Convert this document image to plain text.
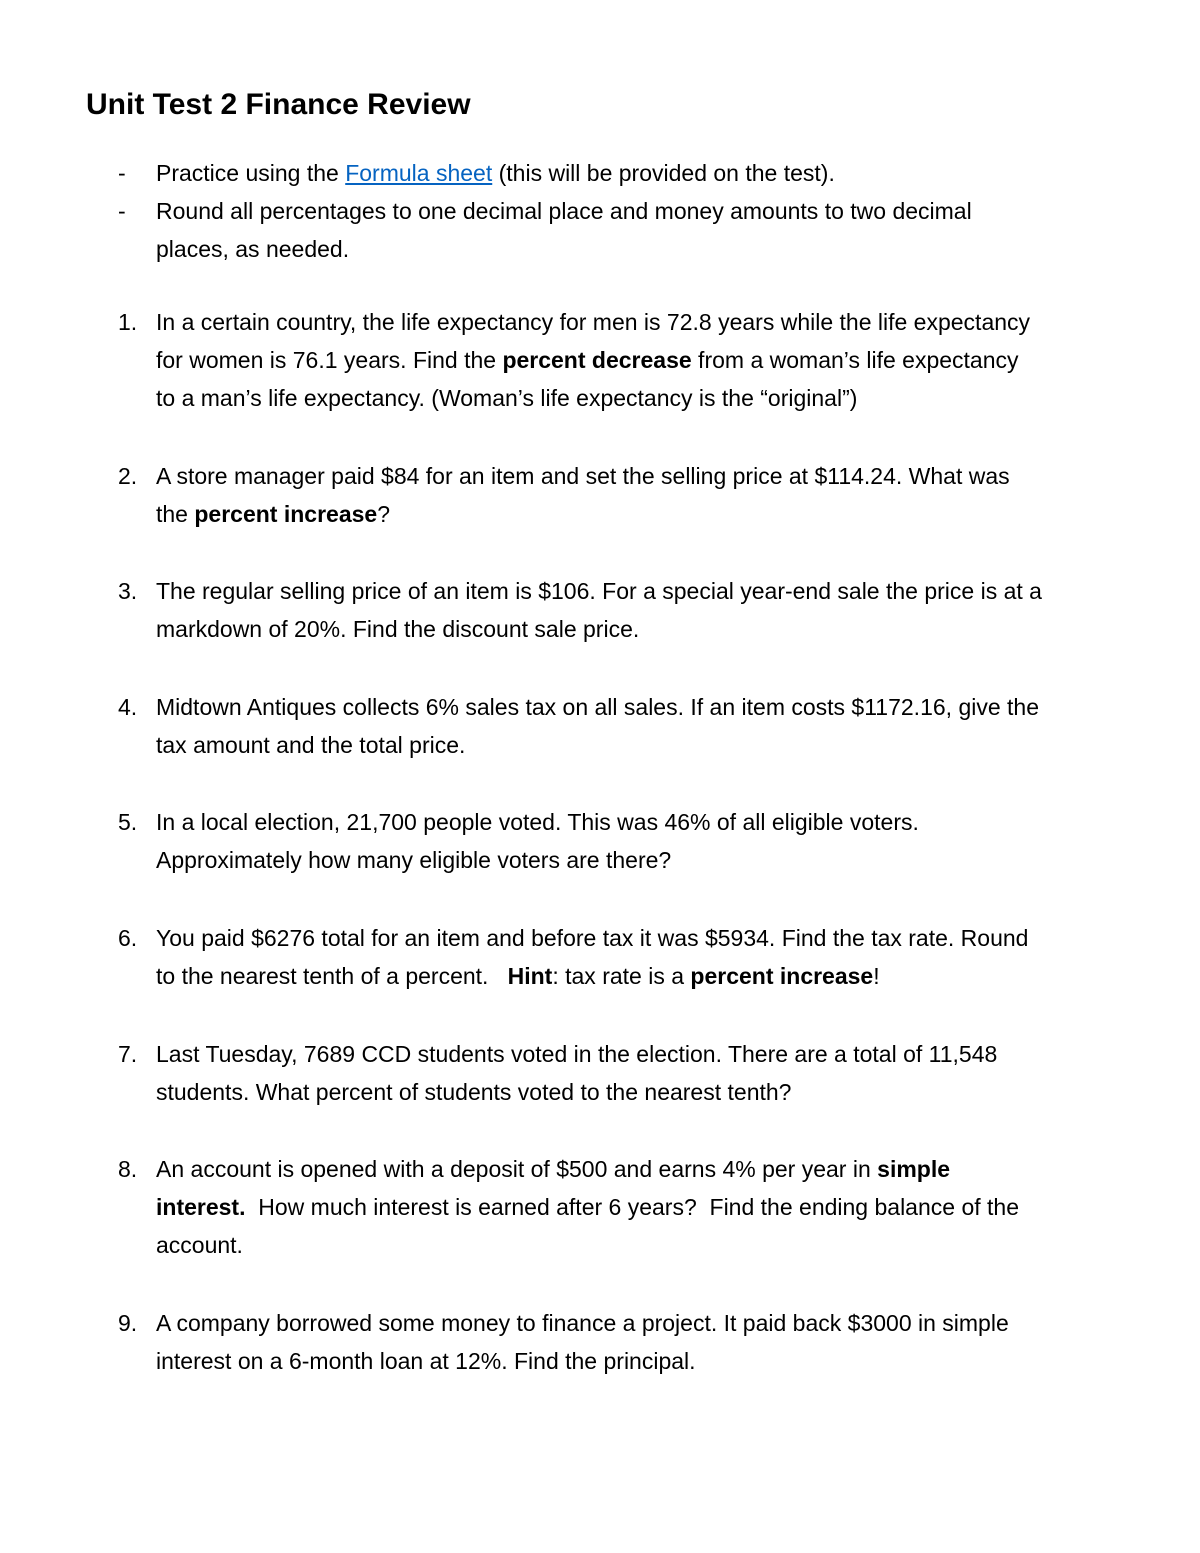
Unit Test 2 Finance Review
- Practice using the Formula sheet (this will be provided on the test).
- Round all percentages to one decimal place and money amounts to two decimal
places, as needed.
1. In a certain country, the life expectancy for men is 72.8 years while the life expectancy
for women is 76.1 years. Find the percent decrease from a woman’s life expectancy
to a man’s life expectancy. (Woman’s life expectancy is the “original”)
2. A store manager paid $84 for an item and set the selling price at $114.24. What was
the percent increase?
3. The regular selling price of an item is $106. For a special year-end sale the price is at a
markdown of 20%. Find the discount sale price.
4. Midtown Antiques collects 6% sales tax on all sales. If an item costs $1172.16, give the
tax amount and the total price.
5. In a local election, 21,700 people voted. This was 46% of all eligible voters.
Approximately how many eligible voters are there?
6. You paid $6276 total for an item and before tax it was $5934. Find the tax rate. Round
to the nearest tenth of a percent.   Hint: tax rate is a percent increase!
7. Last Tuesday, 7689 CCD students voted in the election. There are a total of 11,548
students. What percent of students voted to the nearest tenth?
8. An account is opened with a deposit of $500 and earns 4% per year in simple
interest.  How much interest is earned after 6 years?  Find the ending balance of the
account.
9. A company borrowed some money to finance a project. It paid back $3000 in simple
interest on a 6-month loan at 12%. Find the principal.
